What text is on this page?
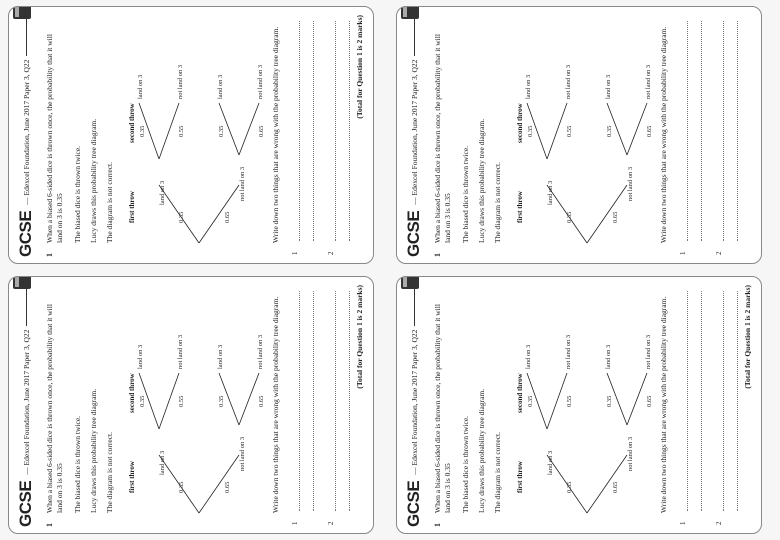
GCSE
— Edexcel Foundation, June 2017 Paper 3, Q22
1
When a biased 6-sided dice is thrown once, the probability that it will land on 3 is 0.35 The biased dice is thrown twice. Lucy draws this probability tree diagram. The diagram is not correct. first throw
second throw
land on 3
0.35
not land on 3
0.65
land on 3	not land on 3	land on 3	not land on 3
0.35	0.55	0.35	0.65 Write down two things that are wrong with the probability tree diagram.
1	2
(Total for Question 1 is 2 marks)
GCSE
— Edexcel Foundation, June 2017 Paper 3, Q22
1
When a biased 6-sided dice is thrown once, the probability that it will land on 3 is 0.35 The biased dice is thrown twice. Lucy draws this probability tree diagram. The diagram is not correct. first throw
second throw
land on 3
0.35
not land on 3
0.65
land on 3	not land on 3	land on 3	not land on 3
0.35	0.55	0.35	0.65 Write down two things that are wrong with the probability tree diagram.
1	2
GCSE
— Edexcel Foundation, June 2017 Paper 3, Q22
1
When a biased 6-sided dice is thrown once, the probability that it will land on 3 is 0.35 The biased dice is thrown twice. Lucy draws this probability tree diagram. The diagram is not correct. first throw
second throw
land on 3
0.35
not land on 3
0.65
land on 3	not land on 3	land on 3	not land on 3
0.35	0.55	0.35	0.65 Write down two things that are wrong with the probability tree diagram.
1	2
(Total for Question 1 is 2 marks)
GCSE
— Edexcel Foundation, June 2017 Paper 3, Q22
1
When a biased 6-sided dice is thrown once, the probability that it will land on 3 is 0.35 The biased dice is thrown twice. Lucy draws this probability tree diagram. The diagram is not correct. first throw
second throw
land on 3
0.35
not land on 3
0.65
land on 3	not land on 3	land on 3	not land on 3
0.35	0.55	0.35	0.65 Write down two things that are wrong with the probability tree diagram.
1	2
(Total for Question 1 is 2 marks)
